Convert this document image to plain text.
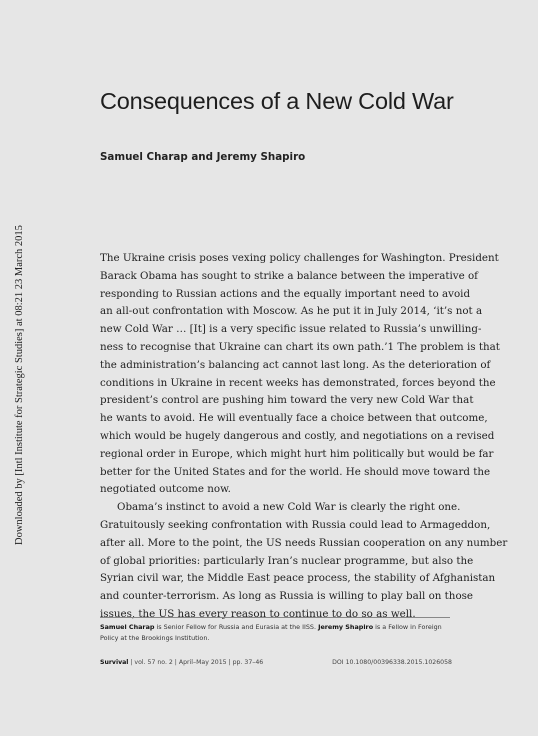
Downloaded by [Intl Institute for Strategic Studies] at 08:21 23 March 2015
Consequences of a New Cold War
Samuel Charap and Jeremy Shapiro
The Ukraine crisis poses vexing policy challenges for Washington. President
Barack Obama has sought to strike a balance between the imperative of
responding to Russian actions and the equally important need to avoid
an all-out confrontation with Moscow. As he put it in July 2014, ‘it’s not a
new Cold War … [It] is a very specific issue related to Russia’s unwilling-
ness to recognise that Ukraine can chart its own path.’1 The problem is that
the administration’s balancing act cannot last long. As the deterioration of
conditions in Ukraine in recent weeks has demonstrated, forces beyond the
president’s control are pushing him toward the very new Cold War that
he wants to avoid. He will eventually face a choice between that outcome,
which would be hugely dangerous and costly, and negotiations on a revised
regional order in Europe, which might hurt him politically but would be far
better for the United States and for the world. He should move toward the
negotiated outcome now.
Obama’s instinct to avoid a new Cold War is clearly the right one.
Gratuitously seeking confrontation with Russia could lead to Armageddon,
after all. More to the point, the US needs Russian cooperation on any number
of global priorities: particularly Iran’s nuclear programme, but also the
Syrian civil war, the Middle East peace process, the stability of Afghanistan
and counter-terrorism. As long as Russia is willing to play ball on those
issues, the US has every reason to continue to do so as well.
Samuel Charap is Senior Fellow for Russia and Eurasia at the IISS. Jeremy Shapiro is a Fellow in Foreign Policy at the Brookings Institution.
Survival | vol. 57 no. 2 | April–May 2015 | pp. 37–46	DOI 10.1080/00396338.2015.1026058
